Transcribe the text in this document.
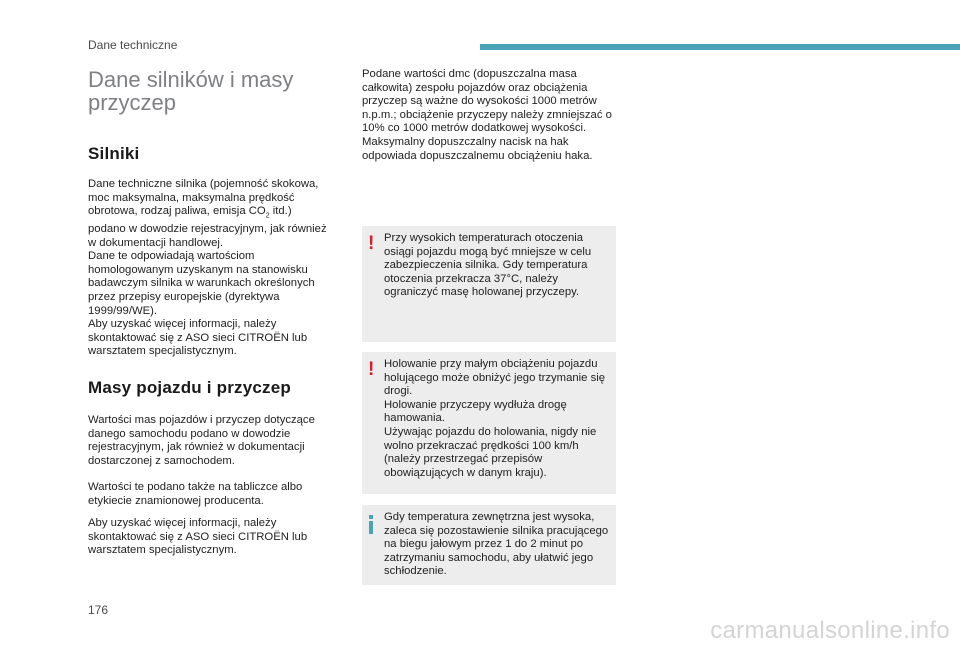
Dane techniczne
Dane silników i masy przyczep
Silniki
Dane techniczne silnika (pojemność skokowa, moc maksymalna, maksymalna prędkość obrotowa, rodzaj paliwa, emisja $CO_2$ itd.) podano w dowodzie rejestracyjnym, jak również w dokumentacji handlowej.
Dane te odpowiadają wartościom homologowanym uzyskanym na stanowisku badawczym silnika w warunkach określonych przez przepisy europejskie (dyrektywa 1999/99/WE).
Aby uzyskać więcej informacji, należy skontaktować się z ASO sieci CITROËN lub warsztatem specjalistycznym.
Masy pojazdu i przyczep
Wartości mas pojazdów i przyczep dotyczące danego samochodu podano w dowodzie rejestracyjnym, jak również w dokumentacji dostarczonej z samochodem.
Wartości te podano także na tabliczce albo etykiecie znamionowej producenta.
Aby uzyskać więcej informacji, należy skontaktować się z ASO sieci CITROËN lub warsztatem specjalistycznym.
Podane wartości dmc (dopuszczalna masa całkowita) zespołu pojazdów oraz obciążenia przyczep są ważne do wysokości 1000 metrów n.p.m.; obciążenie przyczepy należy zmniejszać o 10% co 1000 metrów dodatkowej wysokości.
Maksymalny dopuszczalny nacisk na hak odpowiada dopuszczalnemu obciążeniu haka.
! Przy wysokich temperaturach otoczenia osiągi pojazdu mogą być mniejsze w celu zabezpieczenia silnika. Gdy temperatura otoczenia przekracza 37°C, należy ograniczyć masę holowanej przyczepy.
! Holowanie przy małym obciążeniu pojazdu holującego może obniżyć jego trzymanie się drogi.
Holowanie przyczepy wydłuża drogę hamowania.
Używając pojazdu do holowania, nigdy nie wolno przekraczać prędkości 100 km/h (należy przestrzegać przepisów obowiązujących w danym kraju).
Gdy temperatura zewnętrzna jest wysoka, zaleca się pozostawienie silnika pracującego na biegu jałowym przez 1 do 2 minut po zatrzymaniu samochodu, aby ułatwić jego schłodzenie.
176
carmanualsonline.info
